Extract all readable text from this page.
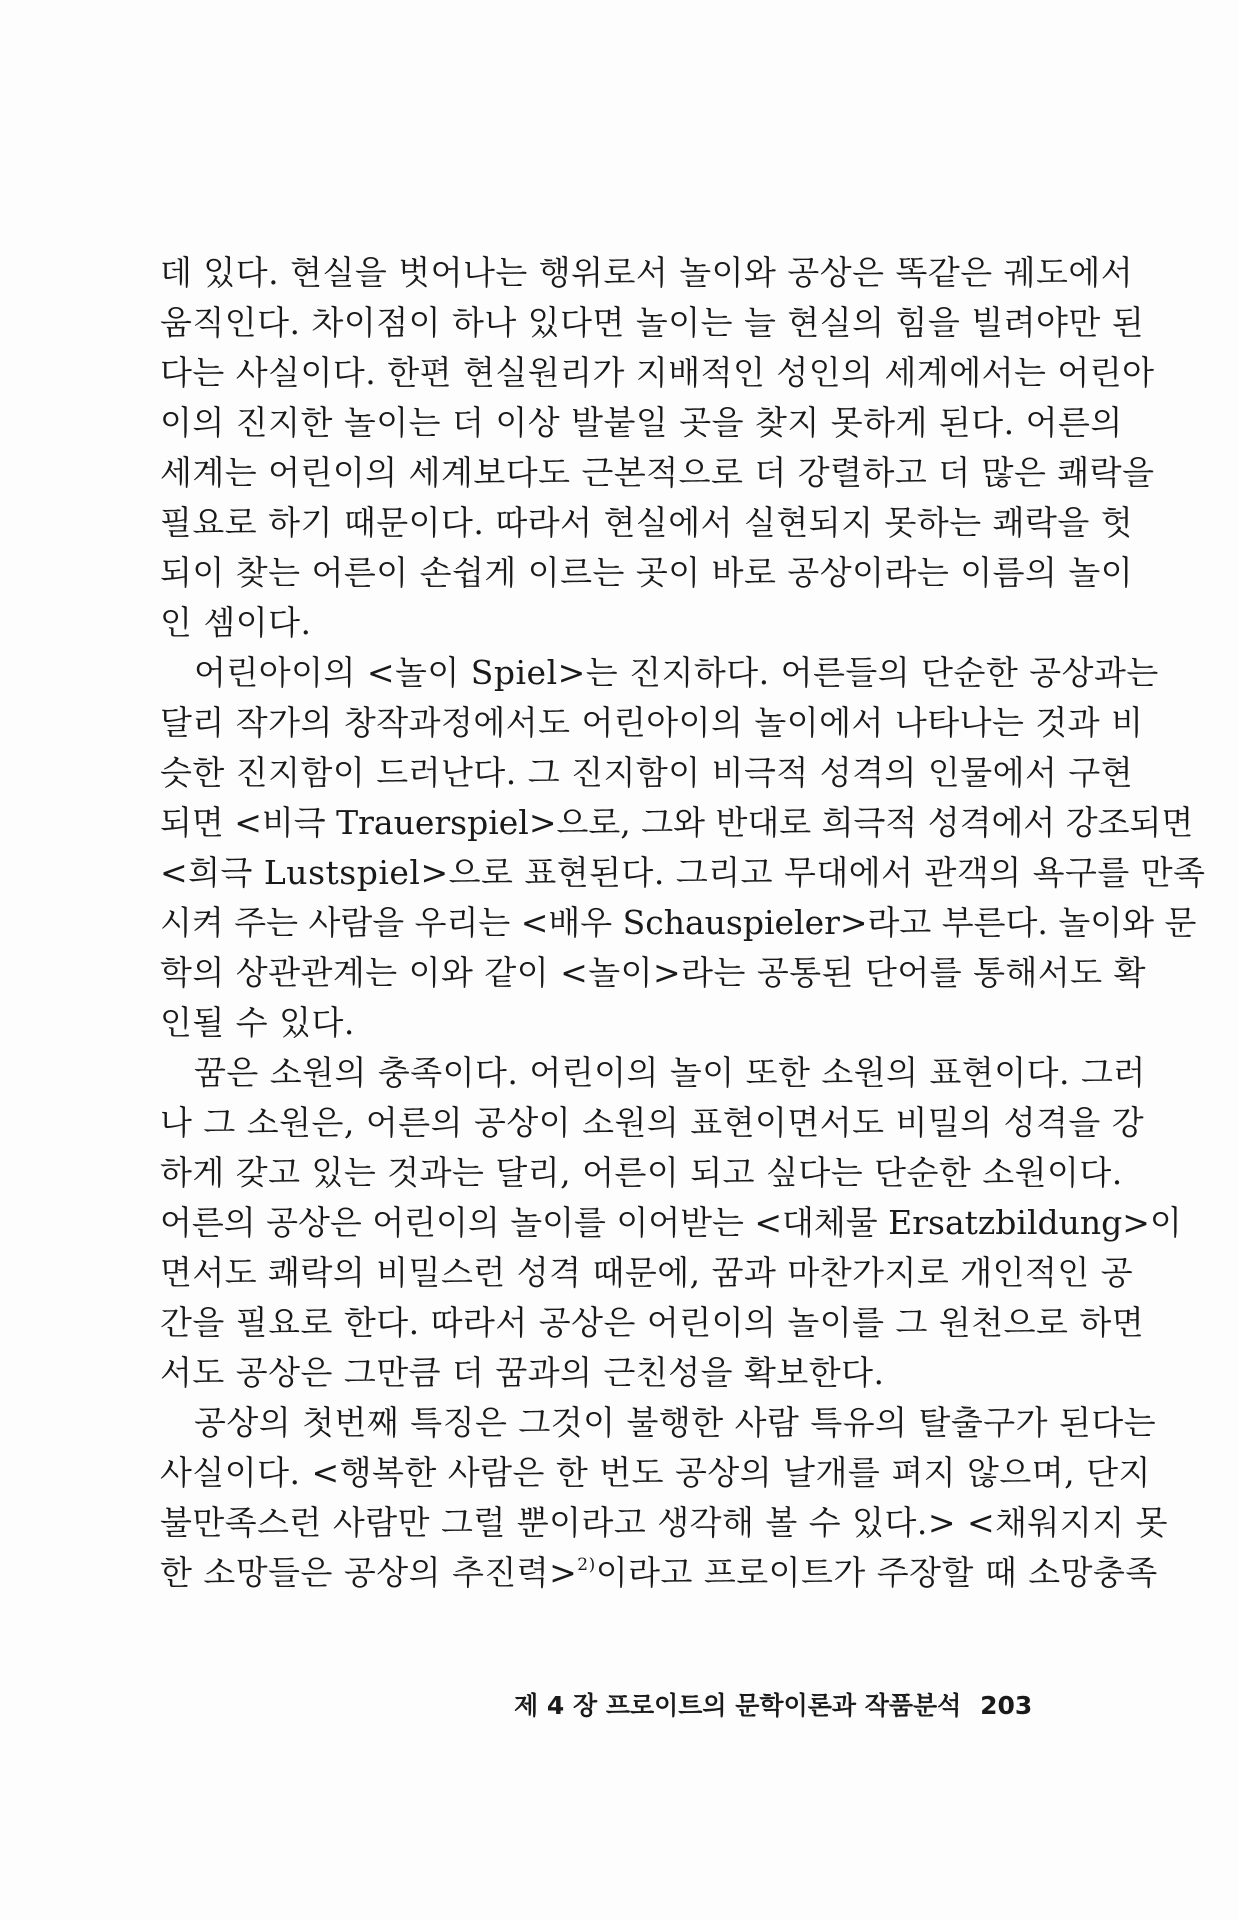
데 있다. 현실을 벗어나는 행위로서 놀이와 공상은 똑같은 궤도에서
움직인다. 차이점이 하나 있다면 놀이는 늘 현실의 힘을 빌려야만 된
다는 사실이다. 한편 현실원리가 지배적인 성인의 세계에서는 어린아
이의 진지한 놀이는 더 이상 발붙일 곳을 찾지 못하게 된다. 어른의
세계는 어린이의 세계보다도 근본적으로 더 강렬하고 더 많은 쾌락을
필요로 하기 때문이다. 따라서 현실에서 실현되지 못하는 쾌락을 헛
되이 찾는 어른이 손쉽게 이르는 곳이 바로 공상이라는 이름의 놀이
인 셈이다.
어린아이의 <놀이 Spiel>는 진지하다. 어른들의 단순한 공상과는
달리 작가의 창작과정에서도 어린아이의 놀이에서 나타나는 것과 비
슷한 진지함이 드러난다. 그 진지함이 비극적 성격의 인물에서 구현
되면 <비극 Trauerspiel>으로, 그와 반대로 희극적 성격에서 강조되면
<희극 Lustspiel>으로 표현된다. 그리고 무대에서 관객의 욕구를 만족
시켜 주는 사람을 우리는 <배우 Schauspieler>라고 부른다. 놀이와 문
학의 상관관계는 이와 같이 <놀이>라는 공통된 단어를 통해서도 확
인될 수 있다.
꿈은 소원의 충족이다. 어린이의 놀이 또한 소원의 표현이다. 그러
나 그 소원은, 어른의 공상이 소원의 표현이면서도 비밀의 성격을 강
하게 갖고 있는 것과는 달리, 어른이 되고 싶다는 단순한 소원이다.
어른의 공상은 어린이의 놀이를 이어받는 <대체물 Ersatzbildung>이
면서도 쾌락의 비밀스런 성격 때문에, 꿈과 마찬가지로 개인적인 공
간을 필요로 한다. 따라서 공상은 어린이의 놀이를 그 원천으로 하면
서도 공상은 그만큼 더 꿈과의 근친성을 확보한다.
공상의 첫번째 특징은 그것이 불행한 사람 특유의 탈출구가 된다는
사실이다. <행복한 사람은 한 번도 공상의 날개를 펴지 않으며, 단지
불만족스런 사람만 그럴 뿐이라고 생각해 볼 수 있다.> <채워지지 못
한 소망들은 공상의 추진력>$^{2)}$이라고 프로이트가 주장할 때 소망충족
제 4 장 프로이트의 문학이론과 작품분석 203
